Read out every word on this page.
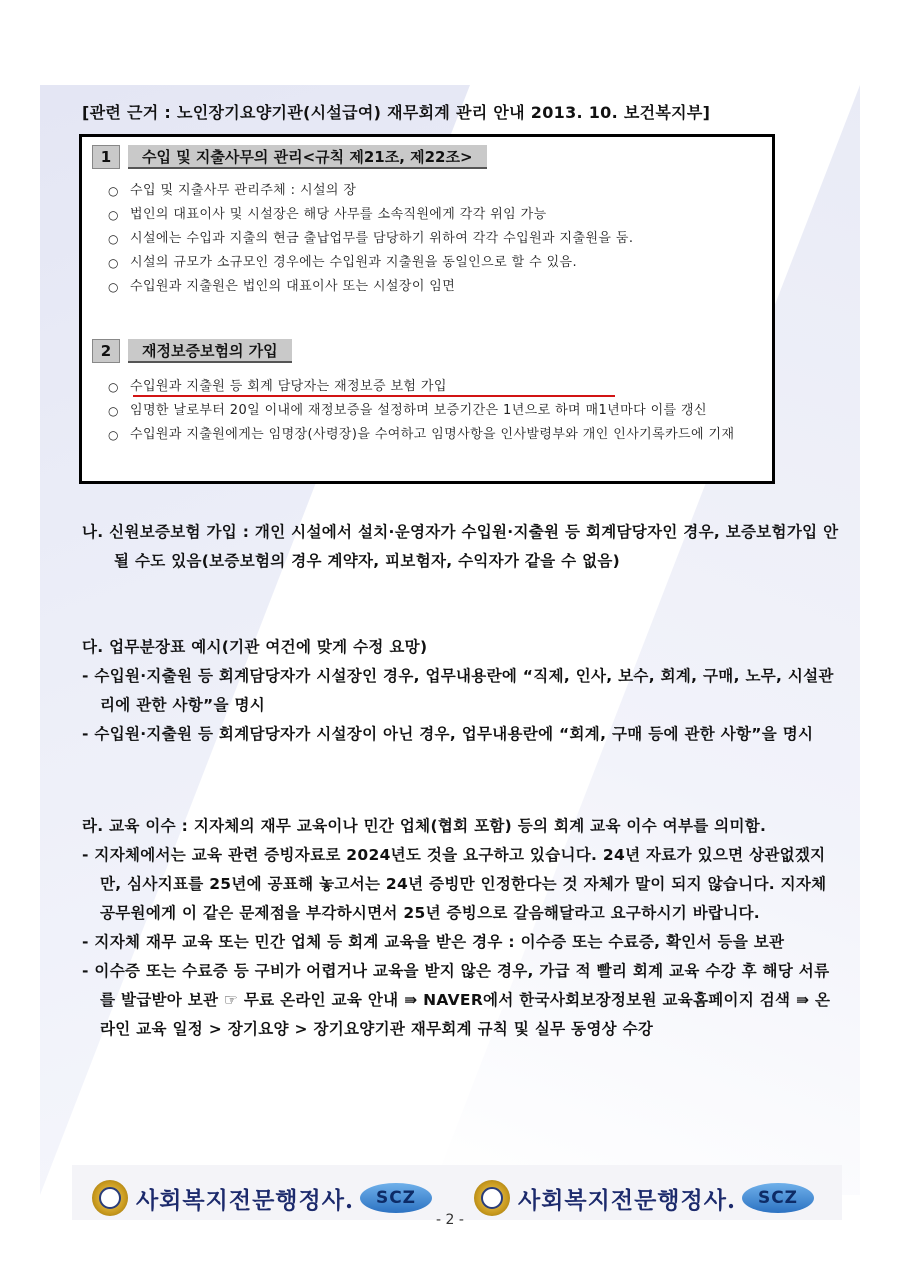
[관련 근거 : 노인장기요양기관(시설급여) 재무회계 관리 안내 2013. 10. 보건복지부]
1	수입 및 지출사무의 관리<규칙 제21조, 제22조>
○ 수입 및 지출사무 관리주체 : 시설의 장
○ 법인의 대표이사 및 시설장은 해당 사무를 소속직원에게 각각 위임 가능
○ 시설에는 수입과 지출의 현금 출납업무를 담당하기 위하여 각각 수입원과 지출원을 둠.
○ 시설의 규모가 소규모인 경우에는 수입원과 지출원을 동일인으로 할 수 있음.
○ 수입원과 지출원은 법인의 대표이사 또는 시설장이 임면
2	재정보증보험의 가입
○ 수입원과 지출원 등 회계 담당자는 재정보증 보험 가입
○ 임명한 날로부터 20일 이내에 재정보증을 설정하며 보증기간은 1년으로 하며 매1년마다 이를 갱신
○ 수입원과 지출원에게는 임명장(사령장)을 수여하고 임명사항을 인사발령부와 개인 인사기록카드에 기재
나. 신원보증보험 가입 : 개인 시설에서 설치·운영자가 수입원·지출원 등 회계담당자인 경우, 보증보험가입 안 될 수도 있음(보증보험의 경우 계약자, 피보험자, 수익자가 같을 수 없음)
다. 업무분장표 예시(기관 여건에 맞게 수정 요망)
- 수입원·지출원 등 회계담당자가 시설장인 경우, 업무내용란에 “직제, 인사, 보수, 회계, 구매, 노무, 시설관리에 관한 사항”을 명시
- 수입원·지출원 등 회계담당자가 시설장이 아닌 경우, 업무내용란에 “회계, 구매 등에 관한 사항”을 명시
라. 교육 이수 : 지자체의 재무 교육이나 민간 업체(협회 포함) 등의 회계 교육 이수 여부를 의미함.
- 지자체에서는 교육 관련 증빙자료로 2024년도 것을 요구하고 있습니다. 24년 자료가 있으면 상관없겠지만, 심사지표를 25년에 공표해 놓고서는 24년 증빙만 인정한다는 것 자체가 말이 되지 않습니다. 지자체 공무원에게 이 같은 문제점을 부각하시면서 25년 증빙으로 갈음해달라고 요구하시기 바랍니다.
- 지자체 재무 교육 또는 민간 업체 등 회계 교육을 받은 경우 : 이수증 또는 수료증, 확인서 등을 보관
- 이수증 또는 수료증 등 구비가 어렵거나 교육을 받지 않은 경우, 가급 적 빨리 회계 교육 수강 후 해당 서류를 발급받아 보관 ☞ 무료 온라인 교육 안내 ⇛ NAVER에서 한국사회보장정보원 교육홈페이지 검색 ⇛ 온라인 교육 일정 > 장기요양 > 장기요양기관 재무회계 규칙 및 실무 동영상 수강
사회복지전문행정사.	SCZ	사회복지전문행정사.	SCZ
- 2 -
